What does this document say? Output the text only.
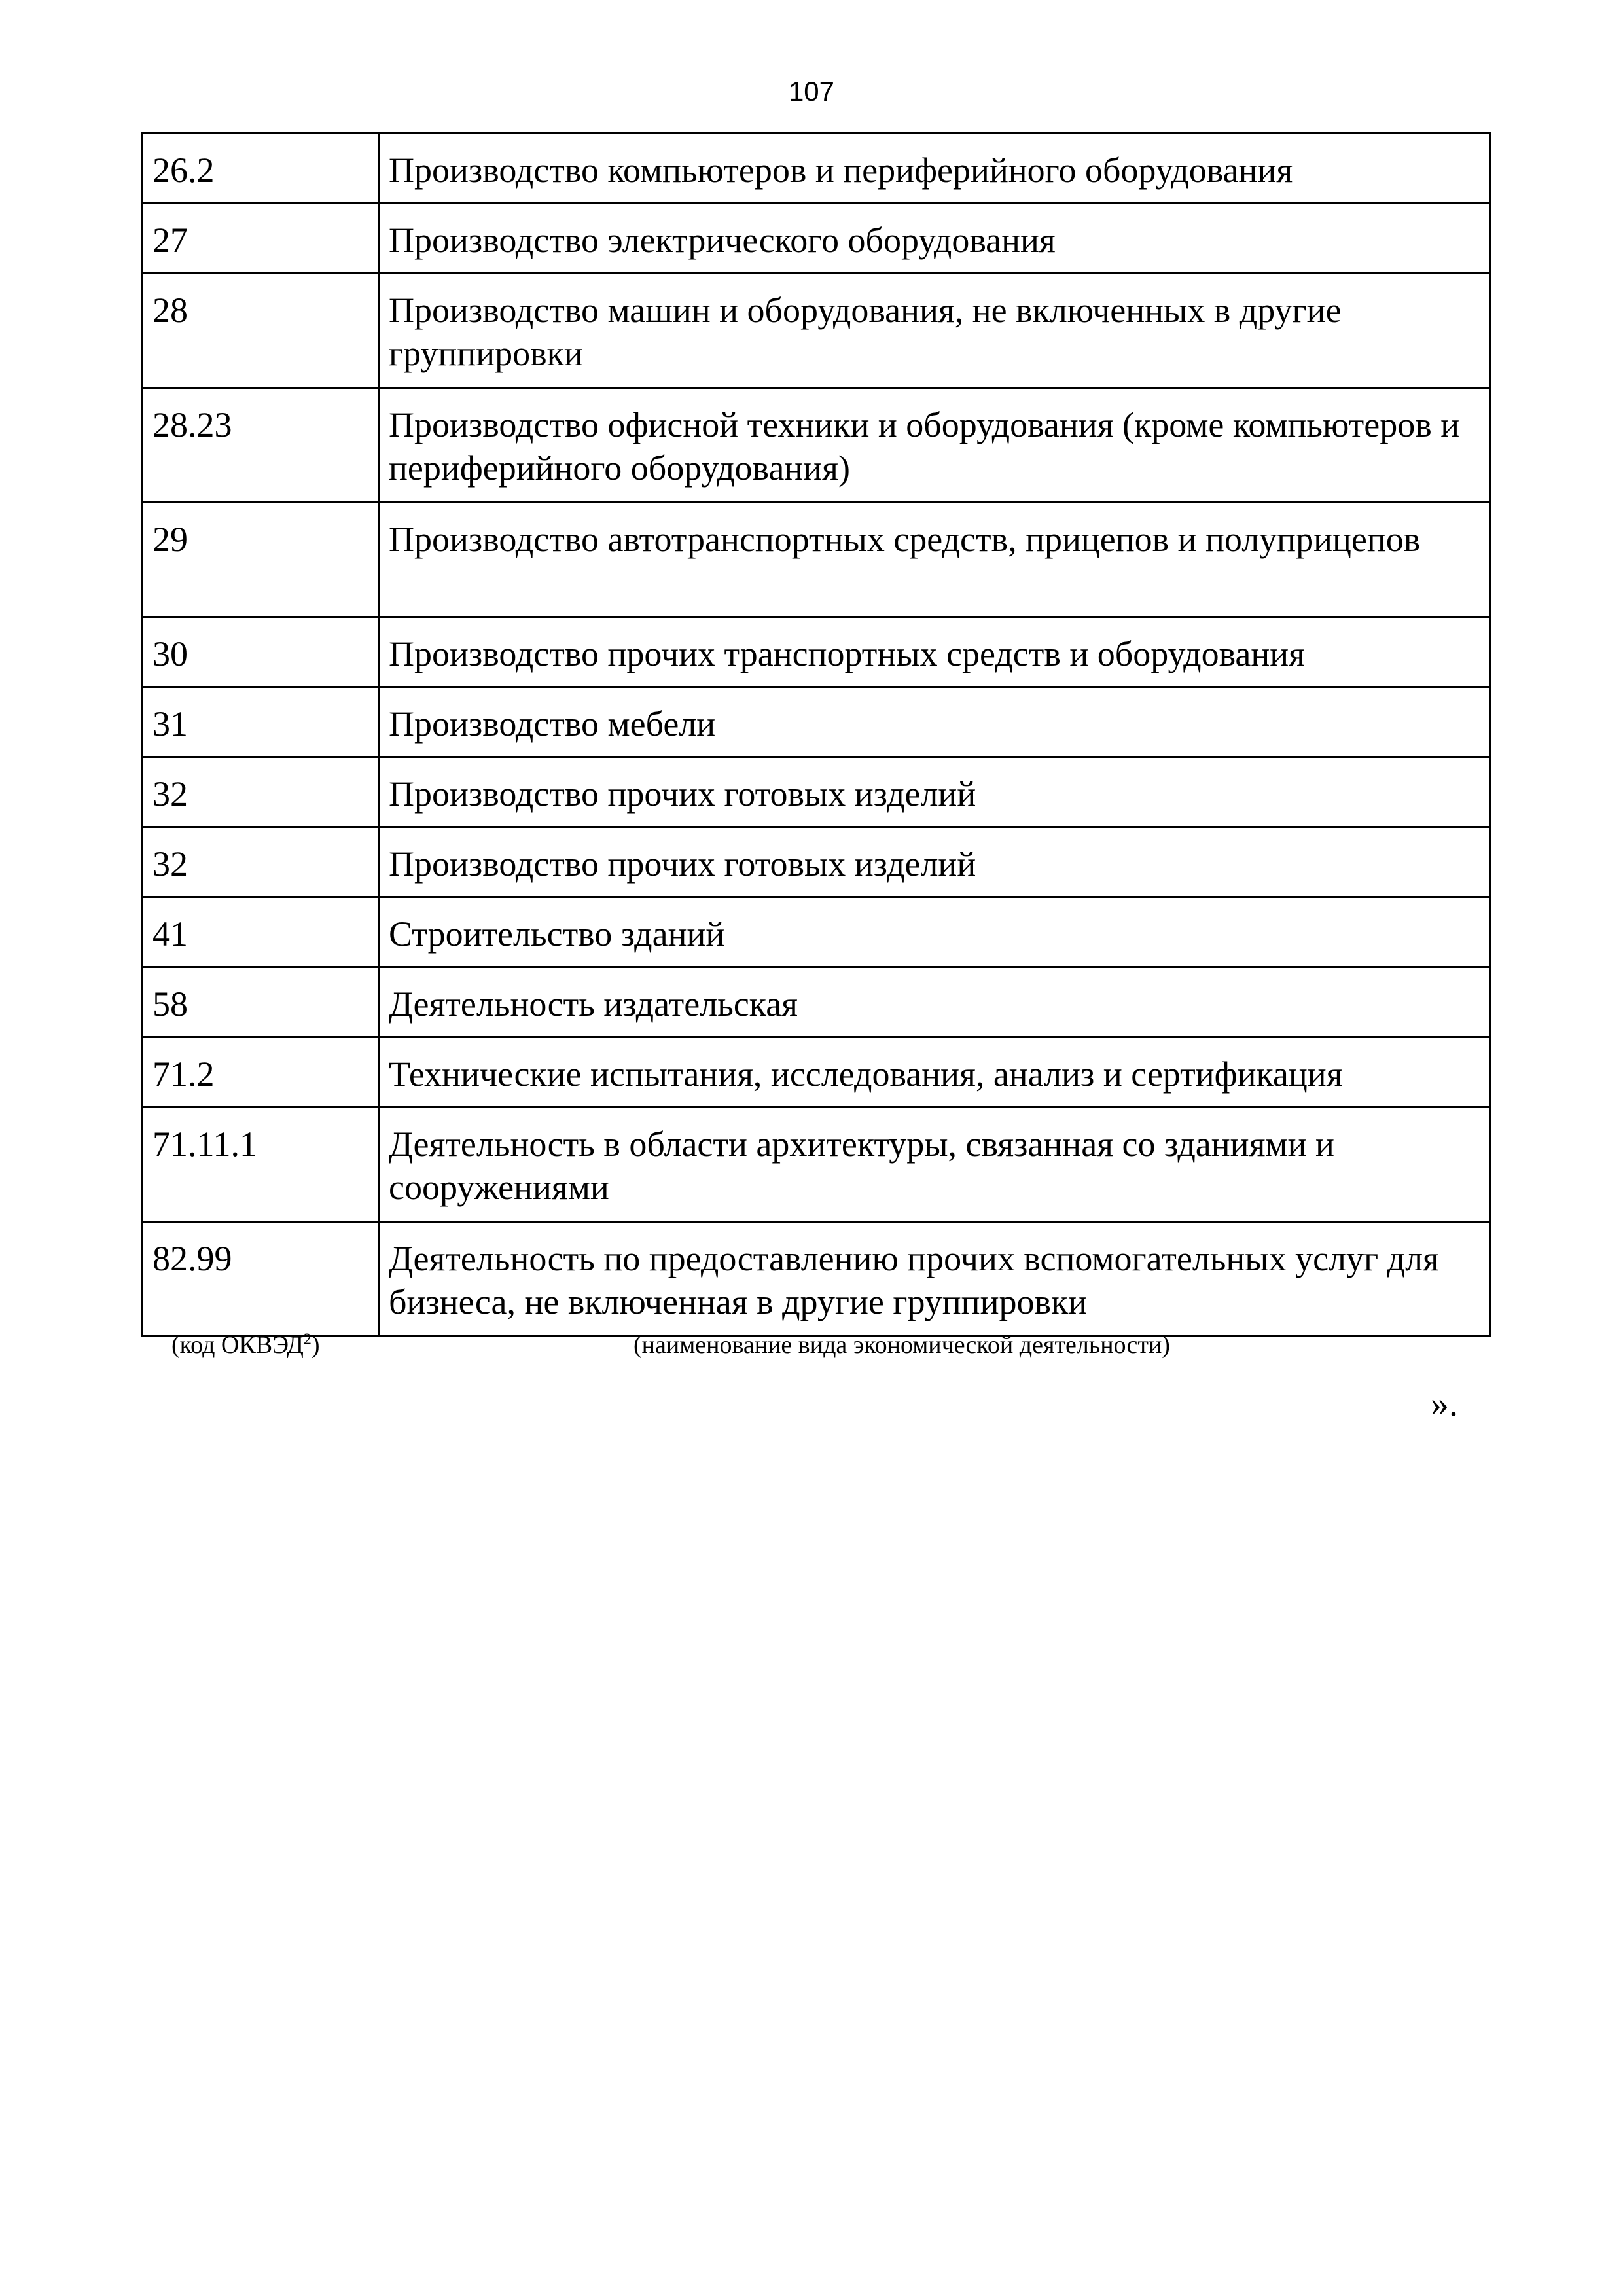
107
26.2	Производство компьютеров и периферийного оборудования
27	Производство электрического оборудования
28	Производство машин и оборудования, не включенных в другие группировки
28.23	Производство офисной техники и оборудования (кроме компьютеров и периферийного оборудования)
29	Производство автотранспортных средств, прицепов и полуприцепов
30	Производство прочих транспортных средств и оборудования
31	Производство мебели
32	Производство прочих готовых изделий
32	Производство прочих готовых изделий
41	Строительство зданий
58	Деятельность издательская
71.2	Технические испытания, исследования, анализ и сертификация
71.11.1	Деятельность в области архитектуры, связанная со зданиями и сооружениями
82.99	Деятельность по предоставлению прочих вспомогательных услуг для бизнеса, не включенная в другие группировки
(код ОКВЭД$^2$)	(наименование вида экономической деятельности)
».
